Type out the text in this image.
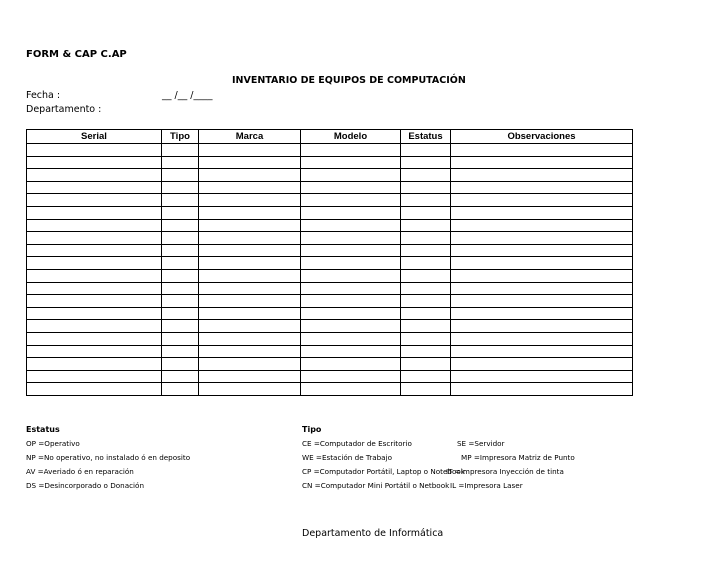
FORM & CAP C.AP
INVENTARIO DE EQUIPOS DE COMPUTACIÓN
Fecha :	__ /__ /____
Departamento :
Serial	Tipo	Marca	Modelo	Estatus	Observaciones

Estatus
OP =Operativo
NP =No operativo, no instalado ó en deposito
AV =Averiado ó en reparación
DS =Desincorporado o Donación
Tipo
CE =Computador de Escritorio
WE =Estación de Trabajo
CP =Computador Portátil, Laptop o Notebook
CN =Computador Mini Portátil o Netbook
SE =Servidor
MP =Impresora Matriz de Punto
IT =Impresora Inyección de tinta
IL =Impresora Laser
Departamento de Informática
